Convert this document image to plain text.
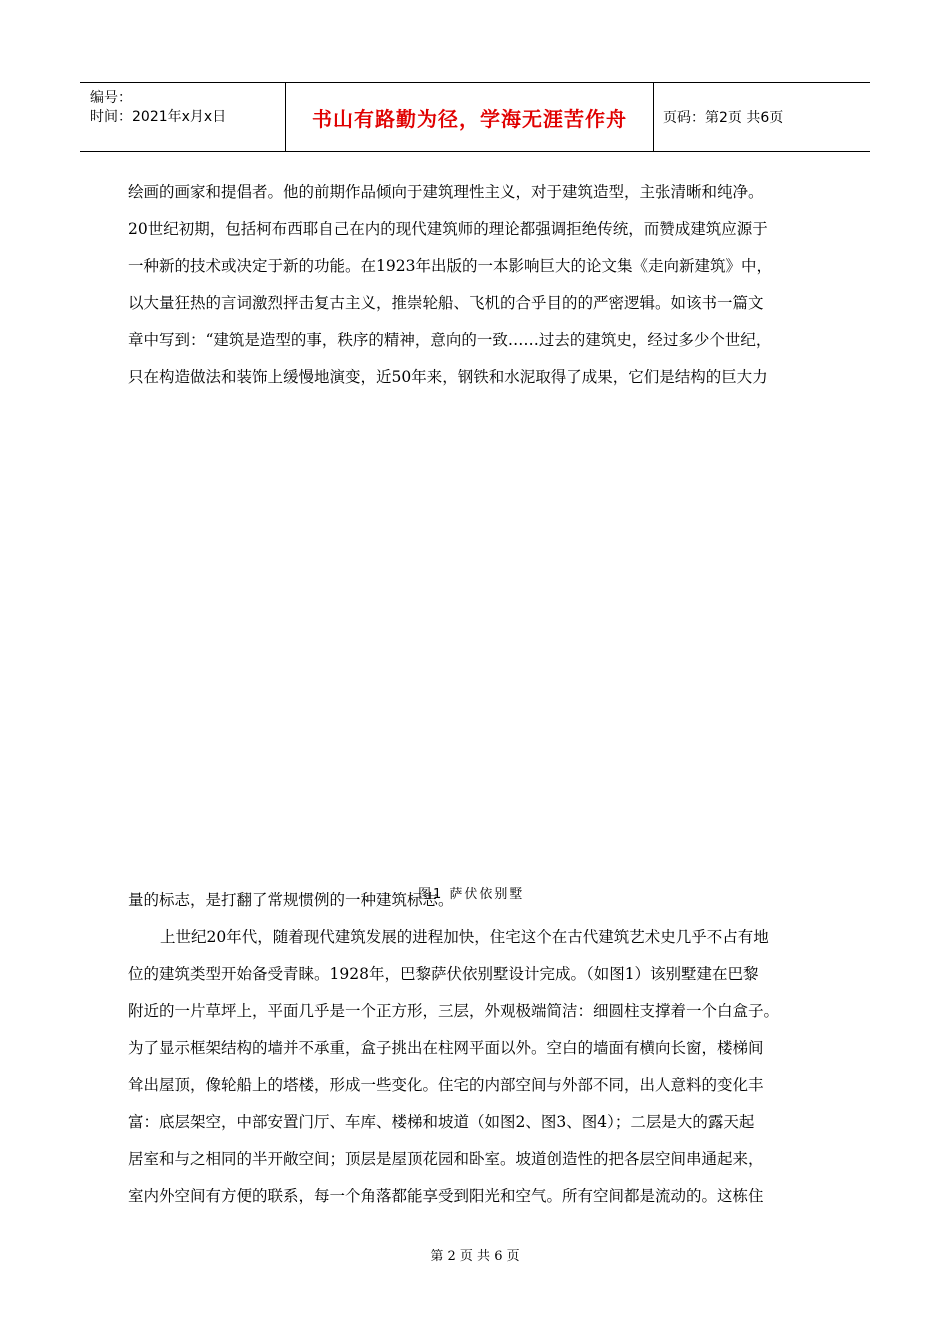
编号：
时间：2021年x月x日	书山有路勤为径，学海无涯苦作舟	页码：第2页 共6页
绘画的画家和提倡者。他的前期作品倾向于建筑理性主义，对于建筑造型，主张清晰和纯净。
20世纪初期，包括柯布西耶自己在内的现代建筑师的理论都强调拒绝传统，而赞成建筑应源于
一种新的技术或决定于新的功能。在1923年出版的一本影响巨大的论文集《走向新建筑》中，
以大量狂热的言词激烈抨击复古主义，推崇轮船、飞机的合乎目的的严密逻辑。如该书一篇文
章中写到：“建筑是造型的事，秩序的精神，意向的一致……过去的建筑史，经过多少个世纪，
只在构造做法和装饰上缓慢地演变，近50年来，钢铁和水泥取得了成果，它们是结构的巨大力
图1 萨伏依别墅
量的标志，是打翻了常规惯例的一种建筑标志。
上世纪20年代，随着现代建筑发展的进程加快，住宅这个在古代建筑艺术史几乎不占有地
位的建筑类型开始备受青睐。1928年，巴黎萨伏依别墅设计完成。（如图1）该别墅建在巴黎
附近的一片草坪上，平面几乎是一个正方形，三层，外观极端简洁：细圆柱支撑着一个白盒子。
为了显示框架结构的墙并不承重，盒子挑出在柱网平面以外。空白的墙面有横向长窗，楼梯间
耸出屋顶，像轮船上的塔楼，形成一些变化。住宅的内部空间与外部不同，出人意料的变化丰
富：底层架空，中部安置门厅、车库、楼梯和坡道（如图2、图3、图4）；二层是大的露天起
居室和与之相同的半开敞空间；顶层是屋顶花园和卧室。坡道创造性的把各层空间串通起来，
室内外空间有方便的联系，每一个角落都能享受到阳光和空气。所有空间都是流动的。这栋住
第 2 页 共 6 页
